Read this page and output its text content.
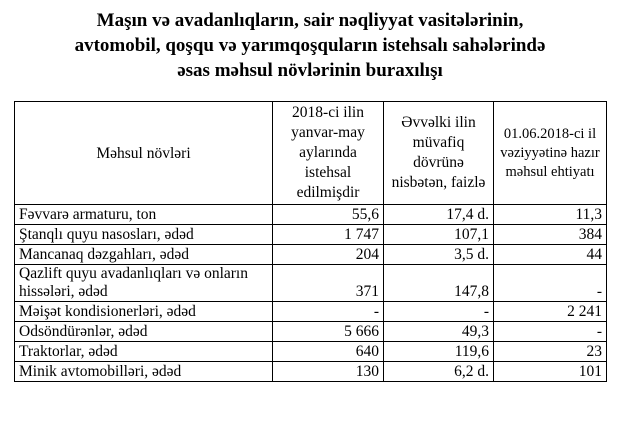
Maşın və avadanlıqların, sair nəqliyyat vasitələrinin,
avtomobil, qoşqu və yarımqoşquların istehsalı sahələrində
əsas məhsul növlərinin buraxılışı
Məhsul növləri	2018-ci ilin yanvar-may aylarında istehsal edilmişdir	Əvvəlki ilin müvafiq dövrünə nisbətən, faizlə	01.06.2018-ci il vəziyyətinə hazır məhsul ehtiyatı
Fəvvarə armaturu, ton	55,6	17,4 d.	11,3
Ştanqlı quyu nasosları, ədəd	1 747	107,1	384
Mancanaq dəzgahları, ədəd	204	3,5 d.	44
Qazlift quyu avadanlıqları və onların hissələri, ədəd	371	147,8	-
Məişət kondisionerləri, ədəd	-	-	2 241
Odsöndürənlər, ədəd	5 666	49,3	-
Traktorlar, ədəd	640	119,6	23
Minik avtomobilləri, ədəd	130	6,2 d.	101
